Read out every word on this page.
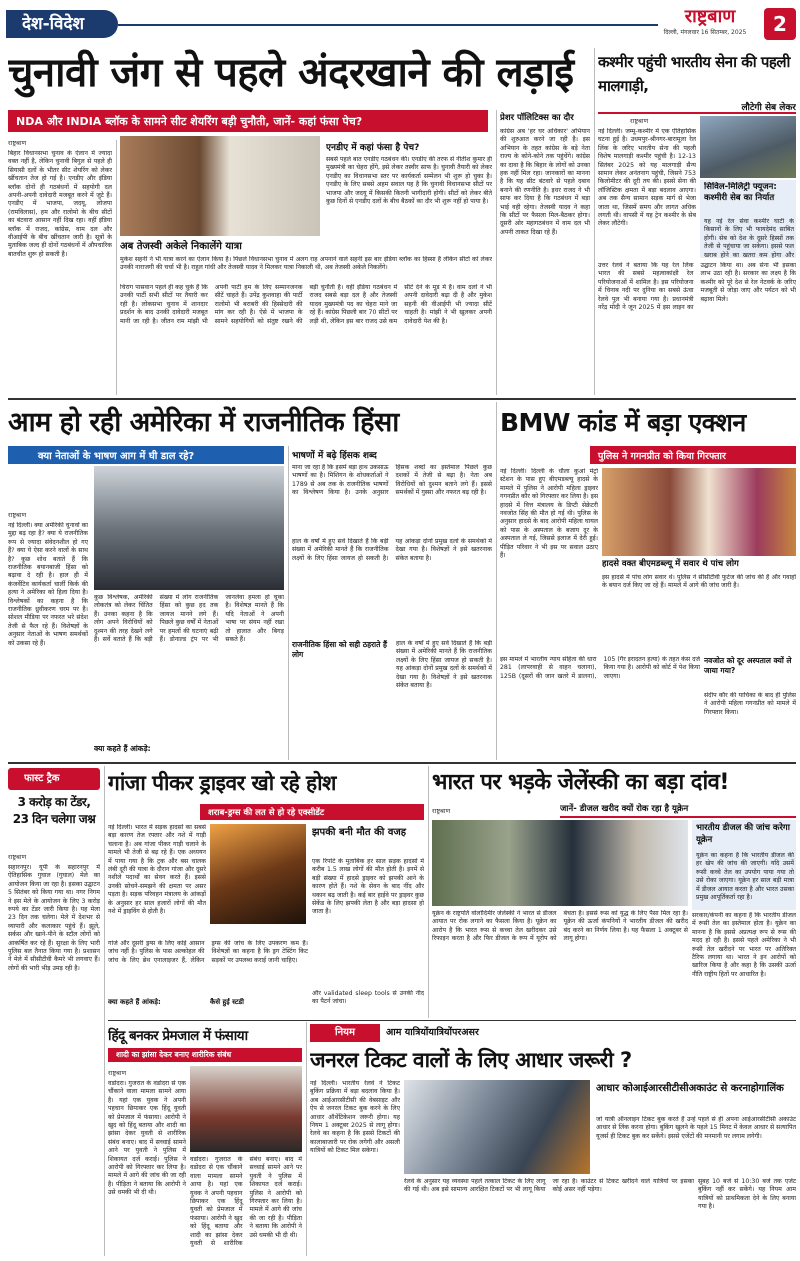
देश-विदेश	राष्ट्रबाण
दिल्ली, मंगलवार 16 सितम्बर, 2025	2
चुनावी जंग से पहले अंदरखाने की लड़ाई
NDA और INDIA ब्लॉक के सामने सीट शेयरिंग बड़ी चुनौती, जानें- कहां फंसा पेच?
राष्ट्रबाण
बिहार विधानसभा चुनाव के ऐलान में ज्यादा वक्त नहीं है, लेकिन चुनावी बिगुल से पहले ही सियासी दलों के भीतर सीट शेयरिंग को लेकर खींचतान तेज हो गई है। एनडीए और इंडिया ब्लॉक दोनों ही गठबंधनों में सहयोगी दल अपनी-अपनी दावेदारी मजबूत करने में जुटे हैं। एनडीए में भाजपा, जदयू, लोजपा (रामविलास), हम और रालोमो के बीच सीटों का बंटवारा आसान नहीं दिख रहा। वहीं इंडिया ब्लॉक में राजद, कांग्रेस, वाम दल और वीआईपी के बीच खींचतान जारी है। सूत्रों के मुताबिक जल्द ही दोनों गठबंधनों में औपचारिक बातचीत शुरू हो सकती है।
अब तेजस्वी अकेले निकालेंगे यात्रा
मुकेश सहनी ने भी यात्रा करने का ऐलान किया है। पिछले विधानसभा चुनाव में अलग राह अपनाने वाले सहनी इस बार इंडिया ब्लॉक का हिस्सा हैं लेकिन सीटों को लेकर उनकी नाराजगी की चर्चा भी है। राहुल गांधी और तेजस्वी यादव ने मिलकर यात्रा निकाली थी, अब तेजस्वी अकेले निकलेंगे।
एनडीए में कहां फंसा है पेच?
सबसे पहले बात एनडीए गठबंधन की। एनडीए की तरफ से नीतीश कुमार ही मुख्यमंत्री का चेहरा होंगे, इसे लेकर तस्वीर साफ है। चुनावी तैयारी को लेकर एनडीए का विधानसभा स्तर पर कार्यकर्ता सम्मेलन भी शुरू हो चुका है। एनडीए के लिए सबसे अहम सवाल यह है कि चुनावी विधानसभा सीटों पर भाजपा और जदयू में किसकी कितनी भागीदारी होगी। सीटों को लेकर बीते कुछ दिनों से एनडीए दलों के बीच बैठकों का दौर भी शुरू नहीं हो पाया है।
चिराग पासवान पहले ही कह चुके हैं कि उनकी पार्टी सभी सीटों पर तैयारी कर रही है। लोकसभा चुनाव में शानदार प्रदर्शन के बाद उनकी दावेदारी मजबूत मानी जा रही है। जीतन राम मांझी भी अपनी पार्टी हम के लिए सम्मानजनक सीटें चाहते हैं। उपेंद्र कुशवाहा की पार्टी रालोमो भी बराबरी की हिस्सेदारी की मांग कर रही है। ऐसे में भाजपा के सामने सहयोगियों को संतुष्ट रखने की बड़ी चुनौती है। वहीं इंडिया गठबंधन में राजद सबसे बड़ा दल है और तेजस्वी यादव मुख्यमंत्री पद का चेहरा माने जा रहे हैं। कांग्रेस पिछली बार 70 सीटों पर लड़ी थी, लेकिन इस बार राजद उसे कम सीटें देने के मूड में है। वाम दलों ने भी अपनी दावेदारी बढ़ा दी है और मुकेश सहनी की वीआईपी भी ज्यादा सीटें चाहती है। मांझी ने भी खुलकर अपनी दावेदारी पेश की है।
प्रेशर पॉलिटिक्स का दौर
कांग्रेस अब 'हर घर अधिकार' अभियान की शुरुआत करने जा रही है। इस अभियान के तहत कांग्रेस के बड़े नेता राज्य के कोने-कोने तक पहुंचेंगे। कांग्रेस का दावा है कि बिहार के लोगों को उनका हक नहीं मिल रहा। जानकारों का मानना है कि यह सीट बंटवारे से पहले दबाव बनाने की रणनीति है। इधर राजद ने भी साफ कर दिया है कि गठबंधन में बड़ा भाई वही रहेगा। तेजस्वी यादव ने कहा कि सीटों पर फैसला मिल-बैठकर होगा। दूसरी ओर महागठबंधन में वाम दल भी अपनी ताकत दिखा रहे हैं।
कश्मीर पहुंची भारतीय सेना की पहली मालगाड़ी,
लौटेगी सेब लेकर
राष्ट्रबाण
नई दिल्ली। जम्मू-कश्मीर में एक ऐतिहासिक घटना हुई है। उधमपुर-श्रीनगर-बारामूला रेल लिंक के जरिए भारतीय सेना की पहली विशेष मालगाड़ी कश्मीर पहुंची है। 12-13 सितंबर 2025 को यह मालगाड़ी सैन्य सामान लेकर अनंतनाग पहुंची, जिसने 753 किलोमीटर की दूरी तय की। इससे सेना की लॉजिस्टिक क्षमता में बड़ा बदलाव आएगा। अब तक सैन्य सामान सड़क मार्ग से भेजा जाता था, जिसमें समय और लागत अधिक लगती थी। वापसी में यह ट्रेन कश्मीर के सेब लेकर लौटेगी।
सिविल-मिलिट्री फ्यूजन: कश्मीरी सेब का निर्यात
यह नई रेल सेवा कश्मीर घाटी के किसानों के लिए भी फायदेमंद साबित होगी। सेब को देश के दूसरे हिस्सों तक तेजी से पहुंचाया जा सकेगा। इससे फल खराब होने का खतरा कम होगा और
उत्तर रेलवे ने बताया कि यह रेल लिंक भारत की सबसे महत्वाकांक्षी रेल परियोजनाओं में शामिल है। इस परियोजना में चिनाब नदी पर दुनिया का सबसे ऊंचा रेलवे पुल भी बनाया गया है। प्रधानमंत्री नरेंद्र मोदी ने जून 2025 में इस लाइन का उद्घाटन किया था। अब सेना भी इसका लाभ उठा रही है। सरकार का लक्ष्य है कि कश्मीर को पूरे देश से रेल नेटवर्क के जरिए मजबूती से जोड़ा जाए और पर्यटन को भी बढ़ावा मिले।
आम हो रही अमेरिका में राजनीतिक हिंसा
क्या नेताओं के भाषण आग में घी डाल रहे?
राष्ट्रबाण
नई दिल्ली। क्या अमेरिकी चुनावों का मुद्दा बढ़ रहा है? क्या ये राजनीतिक रूप से ज्यादा संवेदनशील हो गए हैं? क्या ये ऐसा करने वालों के साथ है? कुछ शोध बताते हैं कि राजनीतिक बयानबाजी हिंसा को बढ़ावा दे रही है। हाल ही में कंजर्वेटिव कार्यकर्ता चार्ली किर्क की हत्या ने अमेरिका को हिला दिया है। विश्लेषकों का कहना है कि राजनीतिक ध्रुवीकरण चरम पर है। सोशल मीडिया पर नफरत भरे संदेश तेजी से फैल रहे हैं। विशेषज्ञों के अनुसार नेताओं के भाषण समर्थकों को उकसा रहे हैं।
कुछ विश्लेषक, अमेरिकी लोकतंत्र को लेकर चिंतित हैं। उनका कहना है कि लोग अपने विरोधियों को दुश्मन की तरह देखने लगे हैं। सर्वे बताते हैं कि बड़ी संख्या में लोग राजनीतिक हिंसा को कुछ हद तक जायज मानने लगे हैं। पिछले कुछ वर्षों में नेताओं पर हमलों की घटनाएं बढ़ी हैं। डोनाल्ड ट्रंप पर भी जानलेवा हमला हो चुका है। विशेषज्ञ मानते हैं कि यदि नेताओं ने अपनी भाषा पर संयम नहीं रखा तो हालात और बिगड़ सकते हैं।
क्या कहते हैं आंकड़े:
भाषणों में बढ़े हिंसक शब्द
माना जा रहा है कि इसमें बड़ा हाथ उकसाऊ भाषणों का है। मिशिगन के शोधकर्ताओं ने 1789 से अब तक के राजनीतिक भाषणों का विश्लेषण किया है। उनके अनुसार हिंसक शब्दों का इस्तेमाल पिछले कुछ दशकों में तेजी से बढ़ा है। नेता अब विरोधियों को दुश्मन बताने लगे हैं। इससे समर्थकों में गुस्सा और नफरत बढ़ रही है।
राजनीतिक हिंसा को सही ठहराते हैं लोग
हाल के वर्षों में हुए सर्वे दिखाते हैं कि बड़ी संख्या में अमेरिकी मानते हैं कि राजनीतिक लक्ष्यों के लिए हिंसा जायज हो सकती है। यह आंकड़ा दोनों प्रमुख दलों के समर्थकों में देखा गया है। विशेषज्ञों ने इसे खतरनाक संकेत बताया है।
हाल के वर्षों में हुए सर्वे दिखाते हैं कि बड़ी संख्या में अमेरिकी मानते हैं कि राजनीतिक लक्ष्यों के लिए हिंसा जायज हो सकती है। यह आंकड़ा दोनों प्रमुख दलों के समर्थकों में देखा गया है। विशेषज्ञों ने इसे खतरनाक संकेत बताया है।
BMW कांड में बड़ा एक्शन
पुलिस ने गगनप्रीत को किया गिरफ्तार
नई दिल्ली। दिल्ली के धौला कुआं मेट्रो स्टेशन के पास हुए बीएमडब्ल्यू हादसे के मामले में पुलिस ने आरोपी महिला ड्राइवर गगनप्रीत कौर को गिरफ्तार कर लिया है। इस हादसे में वित्त मंत्रालय के डिप्टी सेक्रेटरी नवजोत सिंह की मौत हो गई थी। पुलिस के अनुसार हादसे के बाद आरोपी महिला घायल को पास के अस्पताल के बजाय दूर के अस्पताल ले गई, जिससे इलाज में देरी हुई। पीड़ित परिवार ने भी इस पर सवाल उठाए हैं।
हादसे वक्त बीएमडब्ल्यू में सवार थे पांच लोग
इस हादसे में पांच लोग सवार थे। पुलिस ने सीसीटीवी फुटेज की जांच की है और गवाहों के बयान दर्ज किए जा रहे हैं। मामले में आगे की जांच जारी है।
इस मामले में भारतीय न्याय संहिता की धारा 281 (लापरवाही से वाहन चलाना), 125B (दूसरों की जान खतरे में डालना), 105 (गैर इरादतन हत्या) के तहत केस दर्ज किया गया है। आरोपी को कोर्ट में पेश किया जाएगा।
नवजोत को दूर अस्पताल क्यों ले जाया गया?
संदीप कौर की याचिका के बाद ही पुलिस ने आरोपी महिला गगनप्रीत को मामले में गिरफ्तार किया।
फास्ट ट्रैक
3 करोड़ का टेंडर, 23 दिन चलेगा जश्न
राष्ट्रबाण
सहारनपुर। यूपी के सहारनपुर में ऐतिहासिक गुघाल (गुघाल) मेले का आयोजन किया जा रहा है। इसका उद्घाटन 5 सितंबर को किया गया था। नगर निगम ने इस मेले के आयोजन के लिए 3 करोड़ रुपये का टेंडर जारी किया है। यह मेला 23 दिन तक चलेगा। मेले में देशभर से व्यापारी और कलाकार पहुंचे हैं। झूले, सर्कस और खाने-पीने के स्टॉल लोगों को आकर्षित कर रहे हैं। सुरक्षा के लिए भारी पुलिस बल तैनात किया गया है। प्रशासन ने मेले में सीसीटीवी कैमरे भी लगवाए हैं। लोगों की भारी भीड़ उमड़ रही है।
गांजा पीकर ड्राइवर खो रहे होश
शराब-ड्रग्स की लत से हो रहे एक्सीडेंट
नई दिल्ली। भारत में सड़क हादसों का सबसे बड़ा कारण तेज रफ्तार और नशे में गाड़ी चलाना है। अब गांजा पीकर गाड़ी चलाने के मामले भी तेजी से बढ़ रहे हैं। एक अध्ययन में पाया गया है कि ट्रक और बस चालक लंबी दूरी की यात्रा के दौरान गांजा और दूसरे नशीले पदार्थों का सेवन करते हैं। इससे उनकी सोचने-समझने की क्षमता पर असर पड़ता है। सड़क परिवहन मंत्रालय के आंकड़ों के अनुसार हर साल हजारों लोगों की मौत नशे में ड्राइविंग से होती है।
झपकी बनी मौत की वजह
एक रिपोर्ट के मुताबिक हर साल सड़क हादसों में करीब 1.5 लाख लोगों की मौत होती है। इनमें से बड़ी संख्या में हादसे ड्राइवर को झपकी आने के कारण होते हैं। नशे के सेवन के बाद नींद और थकान बढ़ जाती है। कई बार हाईवे पर ड्राइवर कुछ सेकेंड के लिए झपकी लेता है और बड़ा हादसा हो जाता है।
गांजे और दूसरी ड्रग्स के लिए कोई आसान जांच नहीं है। पुलिस के पास अल्कोहल की जांच के लिए ब्रेथ एनालाइजर हैं, लेकिन ड्रग्स की जांच के लिए उपकरण कम हैं। विशेषज्ञों का कहना है कि ड्रग टेस्टिंग किट सड़कों पर उपलब्ध कराई जानी चाहिए।
क्या कहते हैं आंकड़े:	कैसे हुई स्टडी
और validated sleep tools से उनकी नींद का पैटर्न जांचा।
भारत पर भड़के जेलेंस्की का बड़ा दांव!
जानें- डीजल खरीद क्यों रोक रहा है यूक्रेन
राष्ट्रबाण
भारतीय डीजल की जांच करेगा यूक्रेन
यूक्रेन का कहना है कि भारतीय डीजल की हर खेप की जांच की जाएगी। यदि उसमें रूसी कच्चे तेल का उपयोग पाया गया तो उसे रोका जाएगा। यूक्रेन हर साल बड़ी मात्रा में डीजल आयात करता है और भारत उसका प्रमुख आपूर्तिकर्ता रहा है।
यूक्रेन के राष्ट्रपति वोलोदिमीर जेलेंस्की ने भारत से डीजल आयात पर रोक लगाने का फैसला किया है। यूक्रेन का आरोप है कि भारत रूस से कच्चा तेल खरीदकर उसे रिफाइन करता है और फिर डीजल के रूप में यूरोप को बेचता है। इससे रूस को युद्ध के लिए पैसा मिल रहा है। यूक्रेन की ऊर्जा कंपनियों ने भारतीय डीजल की खरीद बंद करने का निर्णय लिया है। यह फैसला 1 अक्टूबर से लागू होगा।
सरकार/कंपनी का कहना है कि भारतीय डीजल में रूसी तेल का इस्तेमाल होता है। यूक्रेन का मानना है कि इससे अप्रत्यक्ष रूप से रूस की मदद हो रही है। इससे पहले अमेरिका ने भी रूसी तेल खरीदने पर भारत पर अतिरिक्त टैरिफ लगाया था। भारत ने इन आरोपों को खारिज किया है और कहा है कि उसकी ऊर्जा नीति राष्ट्रीय हितों पर आधारित है।
हिंदू बनकर प्रेमजाल में फंसाया
शादी का झांसा देकर बनाए शारीरिक संबंध
राष्ट्रबाण
वडोदरा। गुजरात के वडोदरा से एक चौंकाने वाला मामला सामने आया है। यहां एक युवक ने अपनी पहचान छिपाकर एक हिंदू युवती को प्रेमजाल में फंसाया। आरोपी ने खुद को हिंदू बताया और शादी का झांसा देकर युवती से शारीरिक संबंध बनाए। बाद में सच्चाई सामने आने पर युवती ने पुलिस में शिकायत दर्ज कराई। पुलिस ने आरोपी को गिरफ्तार कर लिया है। मामले में आगे की जांच की जा रही है। पीड़िता ने बताया कि आरोपी ने उसे धमकी भी दी थी।
वडोदरा। गुजरात के वडोदरा से एक चौंकाने वाला मामला सामने आया है। यहां एक युवक ने अपनी पहचान छिपाकर एक हिंदू युवती को प्रेमजाल में फंसाया। आरोपी ने खुद को हिंदू बताया और शादी का झांसा देकर युवती से शारीरिक संबंध बनाए। बाद में सच्चाई सामने आने पर युवती ने पुलिस में शिकायत दर्ज कराई। पुलिस ने आरोपी को गिरफ्तार कर लिया है। मामले में आगे की जांच की जा रही है। पीड़िता ने बताया कि आरोपी ने उसे धमकी भी दी थी।
नियम	आम यात्रियोंयात्रियोंपरअसर
जनरल टिकट वालों के लिए आधार जरूरी ?
नई दिल्ली। भारतीय रेलवे ने टिकट बुकिंग प्रक्रिया में बड़ा बदलाव किया है। अब आईआरसीटीसी की वेबसाइट और ऐप से जनरल टिकट बुक करने के लिए आधार ऑथेंटिकेशन जरूरी होगा। यह नियम 1 अक्टूबर 2025 से लागू होगा। रेलवे का कहना है कि इससे टिकटों की कालाबाजारी पर रोक लगेगी और असली यात्रियों को टिकट मिल सकेगा।
आधार कोआईआरसीटीसीअकाउंट से करनाहोगालिंक
जो यात्री ऑनलाइन टिकट बुक करते हैं उन्हें पहले से ही अपना आईआरसीटीसी अकाउंट आधार से लिंक करना होगा। बुकिंग खुलने के पहले 15 मिनट में केवल आधार से सत्यापित यूजर्स ही टिकट बुक कर सकेंगे। इससे एजेंटों की मनमानी पर लगाम लगेगी।
रेलवे के अनुसार यह व्यवस्था पहले तत्काल टिकट के लिए लागू की गई थी। अब इसे सामान्य आरक्षित टिकटों पर भी लागू किया जा रहा है। काउंटर से टिकट खरीदने वाले यात्रियों पर इसका कोई असर नहीं पड़ेगा।
सुबह 10 बजे से 10:30 बजे तक एजेंट बुकिंग नहीं कर सकेंगे। यह नियम आम यात्रियों को प्राथमिकता देने के लिए बनाया गया है।
